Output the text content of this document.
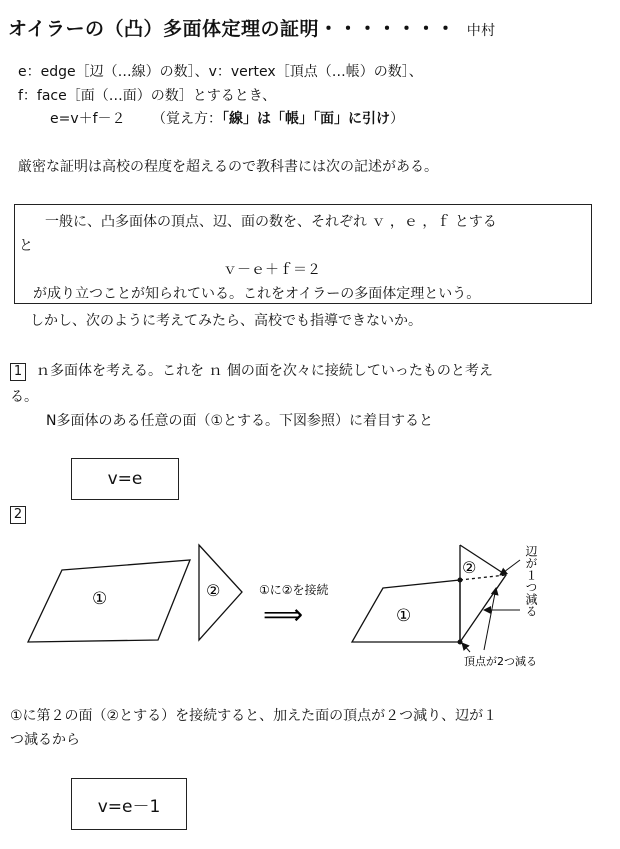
オイラーの（凸）多面体定理の証明・・・・・・・ 中村
e：edge［辺（…線）の数］、v：vertex［頂点（…帳）の数］、
f：face［面（…面）の数］とするとき、
e=v＋f－２ （覚え方：「線」は「帳」「面」に引け）
厳密な証明は高校の程度を超えるので教科書には次の記述がある。
一般に、凸多面体の頂点、辺、面の数を、それぞれ ｖ ，ｅ ，ｆ とする
と
ｖ－ｅ＋ｆ＝２
が成り立つことが知られている。これをオイラーの多面体定理という。
しかし、次のように考えてみたら、高校でも指導できないか。
1 ｎ多面体を考える。これを ｎ 個の面を次々に接続していったものと考え
る。
N多面体のある任意の面（①とする。下図参照）に着目すると
v=e
2
①	②	①に②を接続
⟹	①
②	辺が１つ減る
頂点が2つ減る
①に第２の面（②とする）を接続すると、加えた面の頂点が２つ減り、辺が１
つ減るから
v=e－1
